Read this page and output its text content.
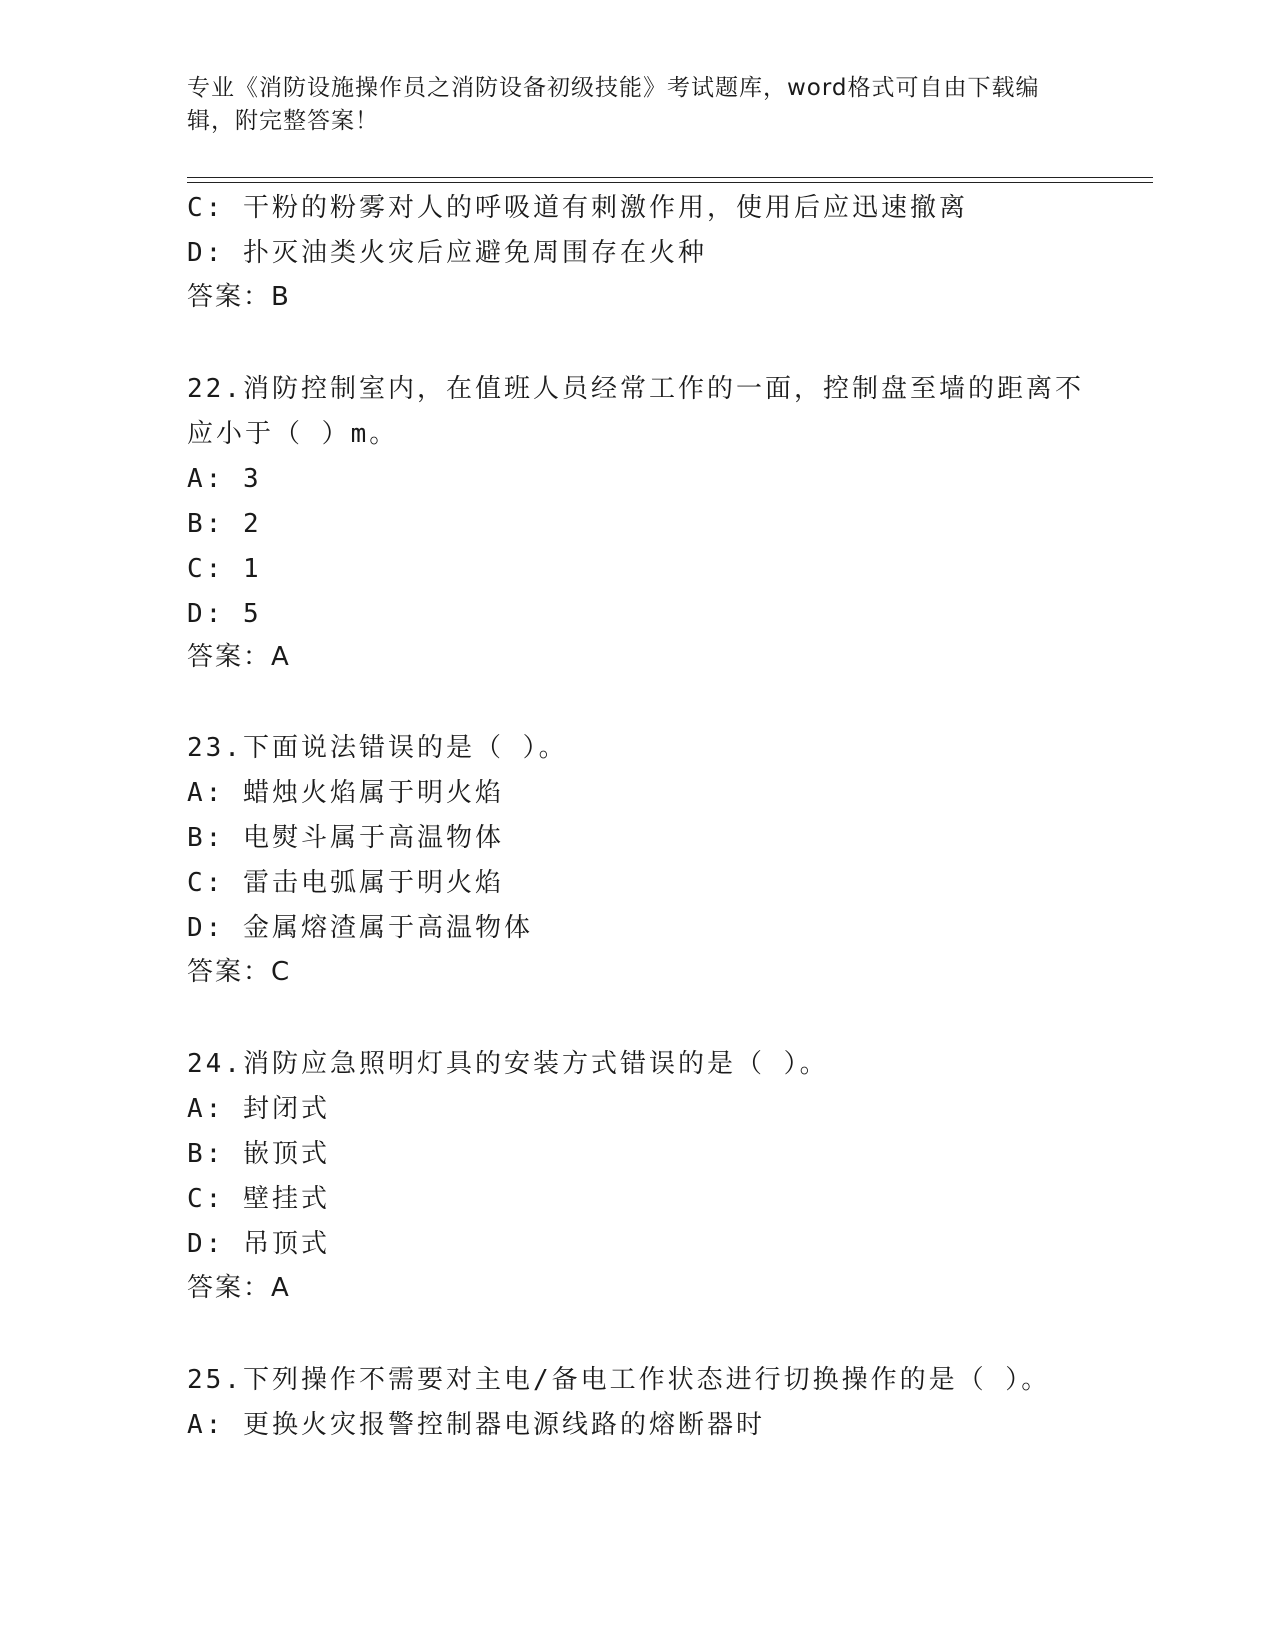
专业《消防设施操作员之消防设备初级技能》考试题库，word格式可自由下载编
辑，附完整答案！
C: 干粉的粉雾对人的呼吸道有刺激作用，使用后应迅速撤离
D: 扑灭油类火灾后应避免周围存在火种
答案：B
22.消防控制室内，在值班人员经常工作的一面，控制盘至墙的距离不
应小于（ ）m。
A: 3
B: 2
C: 1
D: 5
答案：A
23.下面说法错误的是（ ）。
A: 蜡烛火焰属于明火焰
B: 电熨斗属于高温物体
C: 雷击电弧属于明火焰
D: 金属熔渣属于高温物体
答案：C
24.消防应急照明灯具的安装方式错误的是（ ）。
A: 封闭式
B: 嵌顶式
C: 壁挂式
D: 吊顶式
答案：A
25.下列操作不需要对主电/备电工作状态进行切换操作的是（ ）。
A: 更换火灾报警控制器电源线路的熔断器时
